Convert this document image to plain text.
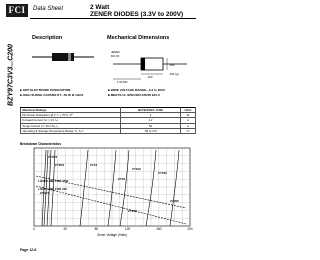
FCI	Data Sheet	2 Watt
ZENER DIODES (3.3V to 200V)
BZY97C3V3...C200
Description	Mechanical Dimensions
JEDEC
DO-15
1.00 Min.
.220
.090
.031 typ.
■ GPP ELECTRODE PASSIVATION	■ WIDE VOLTAGE RANGE...3.3 to 200V
■ HIGH SURGE CAPABILITY...50 W Ø 10mS	■ MEETS UL SPECIFICATION 94V-0
Maximum Ratings	BZY97C3V3...C200	Units
DC Power Dissipation @ Tₗ = + 75°C, Pᵈ	2	W
Forward Current (Vₓ = 1V, Iₓ)	1.2	A
Surge Current (t = 10 mS), I₀	50	A
Operating & Storage Temperature Range, Tⱼ, Tₛₜᵍ	-55 to 175	°C
Breakdown Characteristics
ZY3V3
ZY8V2	ZY10
ZY16
ZY160
ZY200
ZY100
ZY120
ZY4V7
LOAD LINE FOR 75W
LOAD LINE FOR 2W
0	40	80	120	160	200
Zener Voltage (Volts)
Page 12-6
